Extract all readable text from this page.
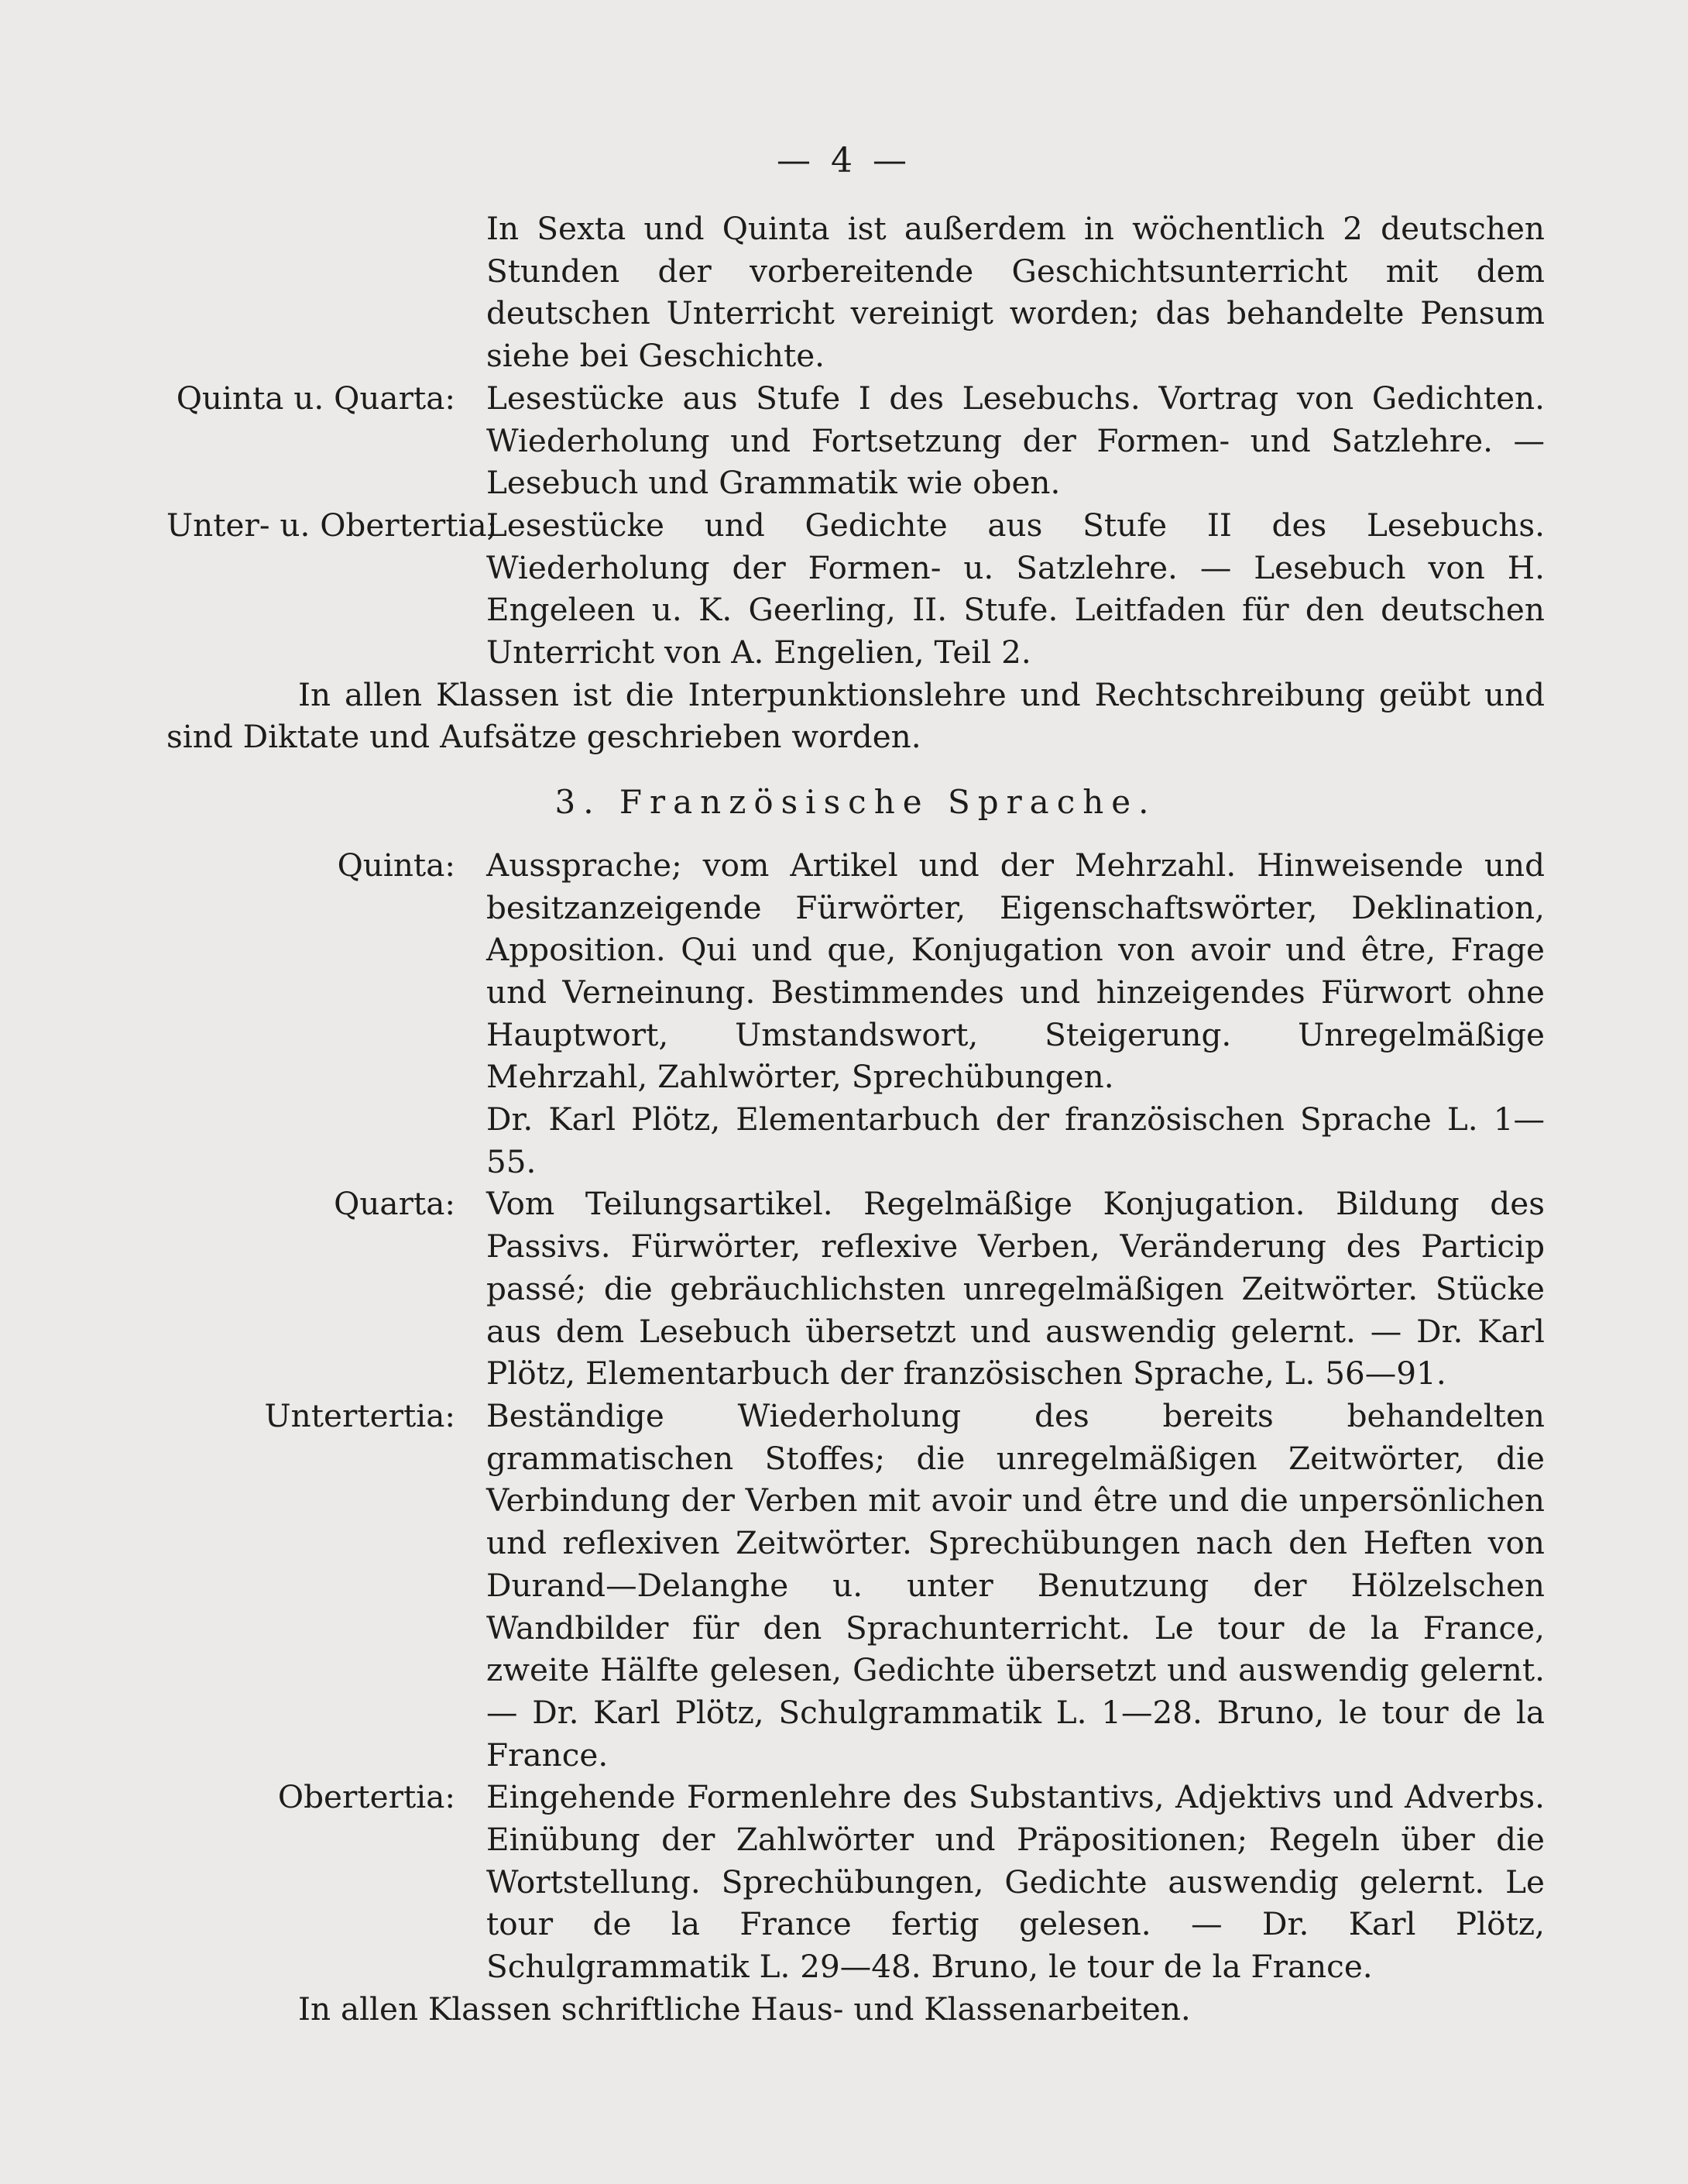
— 4 —
In Sexta und Quinta ist außerdem in wöchentlich 2 deutschen Stunden der vorbereitende Geschichtsunterricht mit dem deutschen Unterricht vereinigt worden; das behandelte Pensum siehe bei Geschichte.
Quinta u. Quarta: Lesestücke aus Stufe I des Lesebuchs. Vortrag von Gedichten. Wiederholung und Fortsetzung der Formen- und Satzlehre. — Lesebuch und Grammatik wie oben.
Unter- u. Obertertia;
Lesestücke und Gedichte aus Stufe II des Lesebuchs. Wiederholung der Formen- u. Satzlehre. — Lesebuch von H. Engeleen u. K. Geerling, II. Stufe. Leitfaden für den deutschen Unterricht von A. Engelien, Teil 2.
In allen Klassen ist die Interpunktionslehre und Rechtschreibung geübt und sind Diktate und Aufsätze geschrieben worden.
3. Französische Sprache.
Quinta: Aussprache; vom Artikel und der Mehrzahl. Hinweisende und besitzanzeigende Fürwörter, Eigenschaftswörter, Deklination, Apposition. Qui und que, Konjugation von avoir und être, Frage und Verneinung. Bestimmendes und hinzeigendes Fürwort ohne Hauptwort, Umstandswort, Steigerung. Unregelmäßige Mehrzahl, Zahlwörter, Sprechübungen.

Dr. Karl Plötz, Elementarbuch der französischen Sprache L. 1—55.

Quarta: Vom Teilungsartikel. Regelmäßige Konjugation. Bildung des Passivs. Fürwörter, reflexive Verben, Veränderung des Particip passé; die gebräuchlichsten unregelmäßigen Zeitwörter. Stücke aus dem Lesebuch übersetzt und auswendig gelernt. — Dr. Karl Plötz, Elementarbuch der französischen Sprache, L. 56—91.
Untertertia: Beständige Wiederholung des bereits behandelten grammatischen Stoffes; die unregelmäßigen Zeitwörter, die Verbindung der Verben mit avoir und être und die unpersönlichen und reflexiven Zeitwörter. Sprechübungen nach den Heften von Durand—Delanghe u. unter Benutzung der Hölzelschen Wandbilder für den Sprachunterricht. Le tour de la France, zweite Hälfte gelesen, Gedichte übersetzt und auswendig gelernt. — Dr. Karl Plötz, Schulgrammatik L. 1—28. Bruno, le tour de la France.
Obertertia: Eingehende Formenlehre des Substantivs, Adjektivs und Adverbs. Einübung der Zahlwörter und Präpositionen; Regeln über die Wortstellung. Sprechübungen, Gedichte auswendig gelernt. Le tour de la France fertig gelesen. — Dr. Karl Plötz, Schulgrammatik L. 29—48. Bruno, le tour de la France.
In allen Klassen schriftliche Haus- und Klassenarbeiten.
